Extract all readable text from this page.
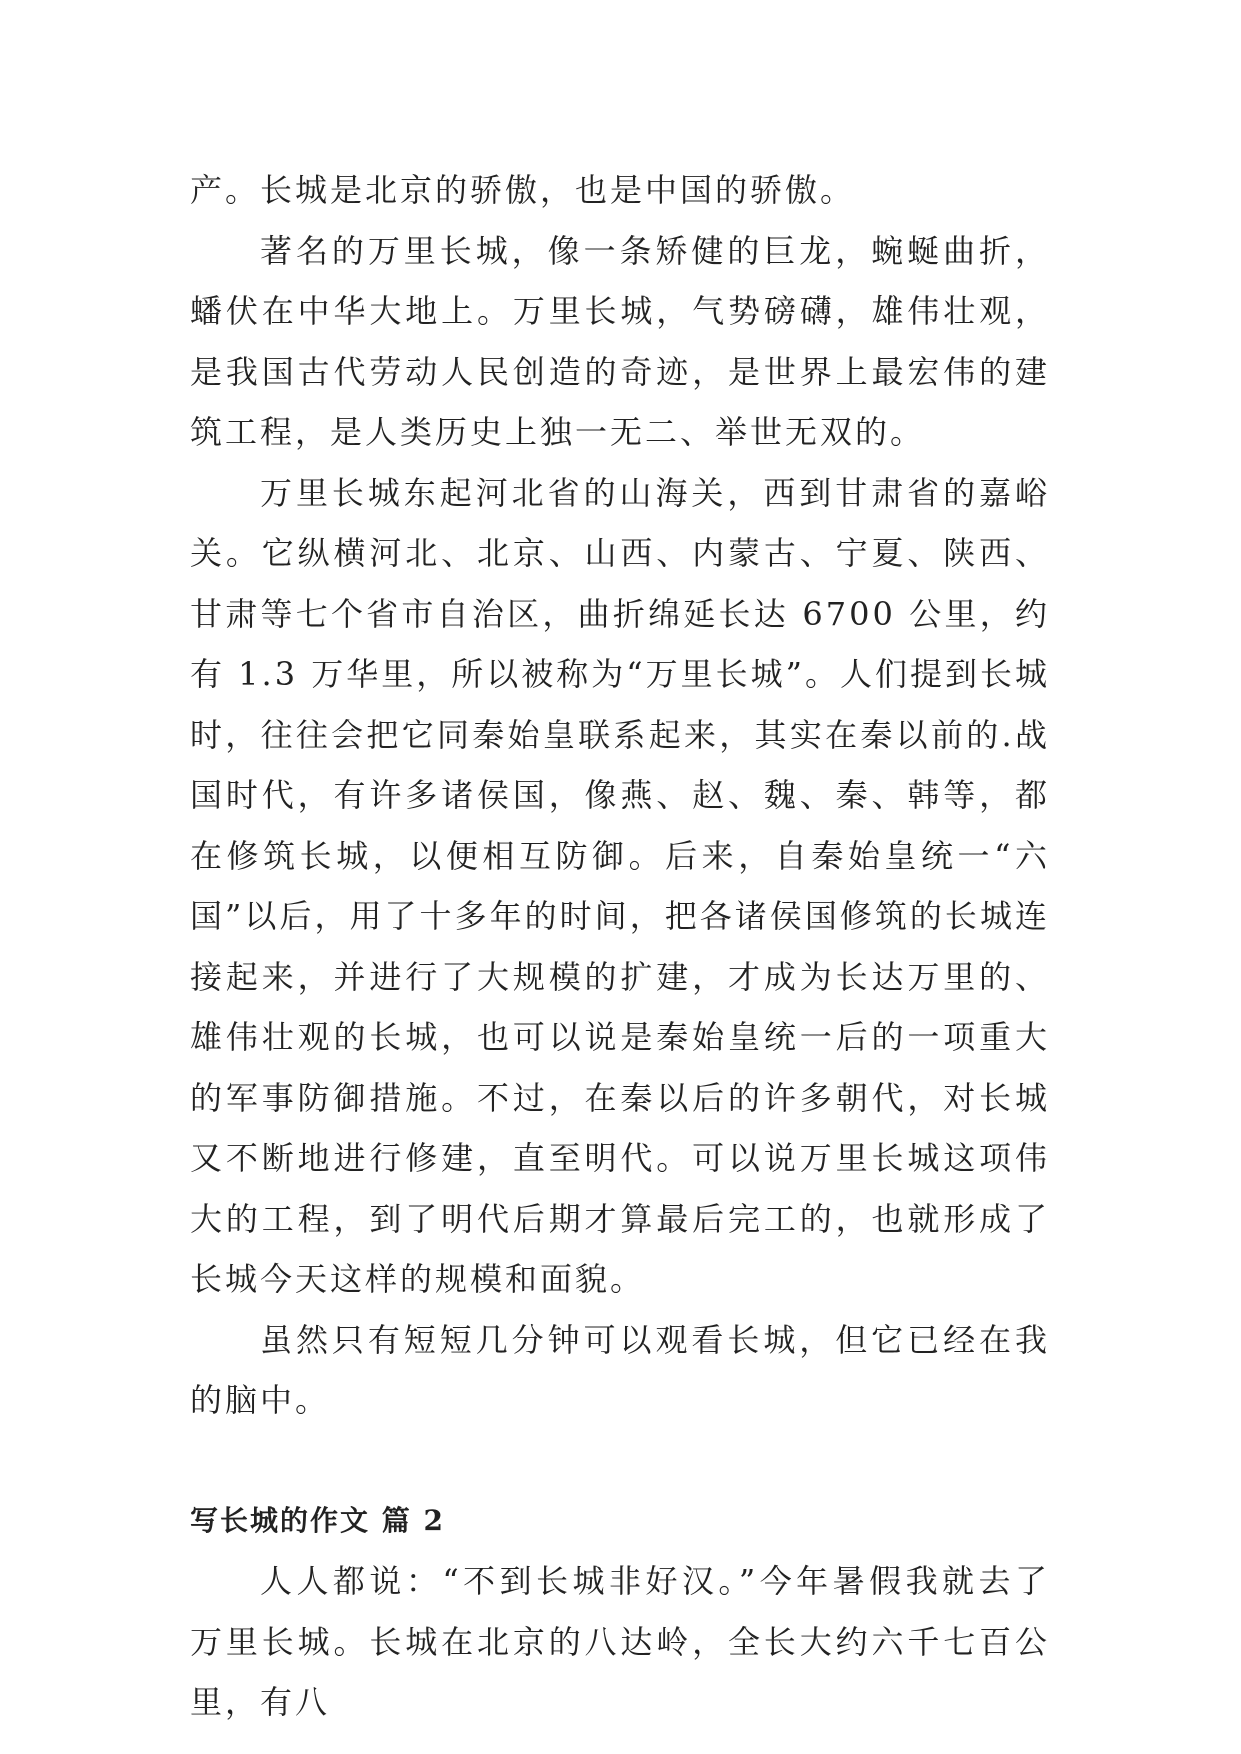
产。长城是北京的骄傲，也是中国的骄傲。

著名的万里长城，像一条矫健的巨龙，蜿蜒曲折，蟠伏在中华大地上。万里长城，气势磅礴，雄伟壮观，是我国古代劳动人民创造的奇迹，是世界上最宏伟的建筑工程，是人类历史上独一无二、举世无双的。

万里长城东起河北省的山海关，西到甘肃省的嘉峪关。它纵横河北、北京、山西、内蒙古、宁夏、陕西、甘肃等七个省市自治区，曲折绵延长达 6700 公里，约有 1.3 万华里，所以被称为“万里长城”。人们提到长城时，往往会把它同秦始皇联系起来，其实在秦以前的.战国时代，有许多诸侯国，像燕、赵、魏、秦、韩等，都在修筑长城，以便相互防御。后来，自秦始皇统一“六国”以后，用了十多年的时间，把各诸侯国修筑的长城连接起来，并进行了大规模的扩建，才成为长达万里的、雄伟壮观的长城，也可以说是秦始皇统一后的一项重大的军事防御措施。不过，在秦以后的许多朝代，对长城又不断地进行修建，直至明代。可以说万里长城这项伟大的工程，到了明代后期才算最后完工的，也就形成了长城今天这样的规模和面貌。

虽然只有短短几分钟可以观看长城，但它已经在我的脑中。

写长城的作文 篇 2

人人都说：“不到长城非好汉。”今年暑假我就去了万里长城。长城在北京的八达岭，全长大约六千七百公里，有八
